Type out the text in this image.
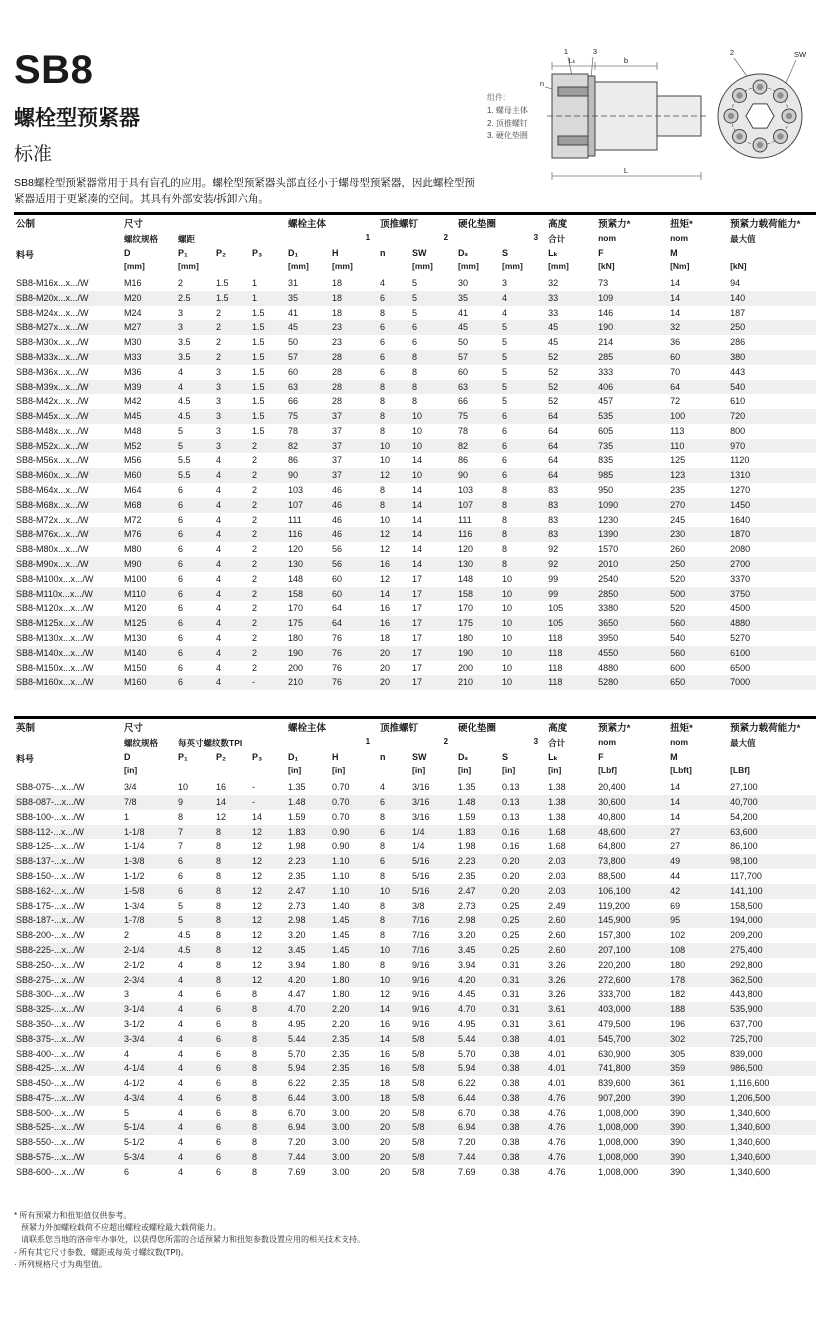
SB8
螺栓型预紧器
标准
SB8螺栓型预紧器常用于具有盲孔的应用。螺栓型预紧器头部直径小于螺母型预紧器，因此螺栓型预紧器适用于更紧凑的空间。其具有外部安装/拆卸六角。
组件:
1. 螺母主体
2. 顶推螺钉
3. 硬化垫圈
1	3
Lₖ	b
L
n
2	SW
公制	尺寸				螺栓主体		顶推螺钉		硬化垫圈		高度	预紧力*	扭矩*	预紧力载荷能力*
	螺纹规格	螺距			1		2		3		合计	nom	nom	最大值
料号	D	P₁	P₂	P₃	D₁	H	n	SW	Dₛ	S	Lₖ	F	M	
	[mm]	[mm]			[mm]	[mm]		[mm]	[mm]	[mm]	[mm]	[kN]	[Nm]	[kN]
SB8-M16x...x.../W	M16	2	1.5	1	31	18	4	5	30	3	32	73	14	94
SB8-M20x...x.../W	M20	2.5	1.5	1	35	18	6	5	35	4	33	109	14	140
SB8-M24x...x.../W	M24	3	2	1.5	41	18	8	5	41	4	33	146	14	187
SB8-M27x...x.../W	M27	3	2	1.5	45	23	6	6	45	5	45	190	32	250
SB8-M30x...x.../W	M30	3.5	2	1.5	50	23	6	6	50	5	45	214	36	286
SB8-M33x...x.../W	M33	3.5	2	1.5	57	28	6	8	57	5	52	285	60	380
SB8-M36x...x.../W	M36	4	3	1.5	60	28	6	8	60	5	52	333	70	443
SB8-M39x...x.../W	M39	4	3	1.5	63	28	8	8	63	5	52	406	64	540
SB8-M42x...x.../W	M42	4.5	3	1.5	66	28	8	8	66	5	52	457	72	610
SB8-M45x...x.../W	M45	4.5	3	1.5	75	37	8	10	75	6	64	535	100	720
SB8-M48x...x.../W	M48	5	3	1.5	78	37	8	10	78	6	64	605	113	800
SB8-M52x...x.../W	M52	5	3	2	82	37	10	10	82	6	64	735	110	970
SB8-M56x...x.../W	M56	5.5	4	2	86	37	10	14	86	6	64	835	125	1120
SB8-M60x...x.../W	M60	5.5	4	2	90	37	12	10	90	6	64	985	123	1310
SB8-M64x...x.../W	M64	6	4	2	103	46	8	14	103	8	83	950	235	1270
SB8-M68x...x.../W	M68	6	4	2	107	46	8	14	107	8	83	1090	270	1450
SB8-M72x...x.../W	M72	6	4	2	111	46	10	14	111	8	83	1230	245	1640
SB8-M76x...x.../W	M76	6	4	2	116	46	12	14	116	8	83	1390	230	1870
SB8-M80x...x.../W	M80	6	4	2	120	56	12	14	120	8	92	1570	260	2080
SB8-M90x...x.../W	M90	6	4	2	130	56	16	14	130	8	92	2010	250	2700
SB8-M100x...x.../W	M100	6	4	2	148	60	12	17	148	10	99	2540	520	3370
SB8-M110x...x.../W	M110	6	4	2	158	60	14	17	158	10	99	2850	500	3750
SB8-M120x...x.../W	M120	6	4	2	170	64	16	17	170	10	105	3380	520	4500
SB8-M125x...x.../W	M125	6	4	2	175	64	16	17	175	10	105	3650	560	4880
SB8-M130x...x.../W	M130	6	4	2	180	76	18	17	180	10	118	3950	540	5270
SB8-M140x...x.../W	M140	6	4	2	190	76	20	17	190	10	118	4550	560	6100
SB8-M150x...x.../W	M150	6	4	2	200	76	20	17	200	10	118	4880	600	6500
SB8-M160x...x.../W	M160	6	4	-	210	76	20	17	210	10	118	5280	650	7000
英制	尺寸				螺栓主体		顶推螺钉		硬化垫圈		高度	预紧力*	扭矩*	预紧力载荷能力*
	螺纹规格	每英寸螺纹数TPI			1		2		3		合计	nom	nom	最大值
料号	D	P₁	P₂	P₃	D₁	H	n	SW	Dₛ	S	Lₖ	F	M	
	[in]				[in]	[in]		[in]	[in]	[in]	[in]	[Lbf]	[Lbft]	[LBf]
SB8-075-...x.../W	3/4	10	16	-	1.35	0.70	4	3/16	1.35	0.13	1.38	20,400	14	27,100
SB8-087-...x.../W	7/8	9	14	-	1.48	0.70	6	3/16	1.48	0.13	1.38	30,600	14	40,700
SB8-100-...x.../W	1	8	12	14	1.59	0.70	8	3/16	1.59	0.13	1.38	40,800	14	54,200
SB8-112-...x.../W	1-1/8	7	8	12	1.83	0.90	6	1/4	1.83	0.16	1.68	48,600	27	63,600
SB8-125-...x.../W	1-1/4	7	8	12	1.98	0.90	8	1/4	1.98	0.16	1.68	64,800	27	86,100
SB8-137-...x.../W	1-3/8	6	8	12	2.23	1.10	6	5/16	2.23	0.20	2.03	73,800	49	98,100
SB8-150-...x.../W	1-1/2	6	8	12	2.35	1.10	8	5/16	2.35	0.20	2.03	88,500	44	117,700
SB8-162-...x.../W	1-5/8	6	8	12	2.47	1.10	10	5/16	2.47	0.20	2.03	106,100	42	141,100
SB8-175-...x.../W	1-3/4	5	8	12	2.73	1.40	8	3/8	2.73	0.25	2.49	119,200	69	158,500
SB8-187-...x.../W	1-7/8	5	8	12	2.98	1.45	8	7/16	2.98	0.25	2.60	145,900	95	194,000
SB8-200-...x.../W	2	4.5	8	12	3.20	1.45	8	7/16	3.20	0.25	2.60	157,300	102	209,200
SB8-225-...x.../W	2-1/4	4.5	8	12	3.45	1.45	10	7/16	3.45	0.25	2.60	207,100	108	275,400
SB8-250-...x.../W	2-1/2	4	8	12	3.94	1.80	8	9/16	3.94	0.31	3.26	220,200	180	292,800
SB8-275-...x.../W	2-3/4	4	8	12	4.20	1.80	10	9/16	4.20	0.31	3.26	272,600	178	362,500
SB8-300-...x.../W	3	4	6	8	4.47	1.80	12	9/16	4.45	0.31	3.26	333,700	182	443,800
SB8-325-...x.../W	3-1/4	4	6	8	4.70	2.20	14	9/16	4.70	0.31	3.61	403,000	188	535,900
SB8-350-...x.../W	3-1/2	4	6	8	4.95	2.20	16	9/16	4.95	0.31	3.61	479,500	196	637,700
SB8-375-...x.../W	3-3/4	4	6	8	5.44	2.35	14	5/8	5.44	0.38	4.01	545,700	302	725,700
SB8-400-...x.../W	4	4	6	8	5.70	2.35	16	5/8	5.70	0.38	4.01	630,900	305	839,000
SB8-425-...x.../W	4-1/4	4	6	8	5.94	2.35	16	5/8	5.94	0.38	4.01	741,800	359	986,500
SB8-450-...x.../W	4-1/2	4	6	8	6.22	2.35	18	5/8	6.22	0.38	4.01	839,600	361	1,116,600
SB8-475-...x.../W	4-3/4	4	6	8	6.44	3.00	18	5/8	6.44	0.38	4.76	907,200	390	1,206,500
SB8-500-...x.../W	5	4	6	8	6.70	3.00	20	5/8	6.70	0.38	4.76	1,008,000	390	1,340,600
SB8-525-...x.../W	5-1/4	4	6	8	6.94	3.00	20	5/8	6.94	0.38	4.76	1,008,000	390	1,340,600
SB8-550-...x.../W	5-1/2	4	6	8	7.20	3.00	20	5/8	7.20	0.38	4.76	1,008,000	390	1,340,600
SB8-575-...x.../W	5-3/4	4	6	8	7.44	3.00	20	5/8	7.44	0.38	4.76	1,008,000	390	1,340,600
SB8-600-...x.../W	6	4	6	8	7.69	3.00	20	5/8	7.69	0.38	4.76	1,008,000	390	1,340,600
* 所有预紧力和扭矩值仅供参考。
预紧力外加螺栓载荷不应超出螺栓或螺栓最大载荷能力。
请联系您当地的洛帝牢办事处，以获得您所需的合适预紧力和扭矩参数设置应用的相关技术支持。
- 所有其它尺寸参数、螺距或每英寸螺纹数(TPI)。
· 所列规格尺寸为典型值。
